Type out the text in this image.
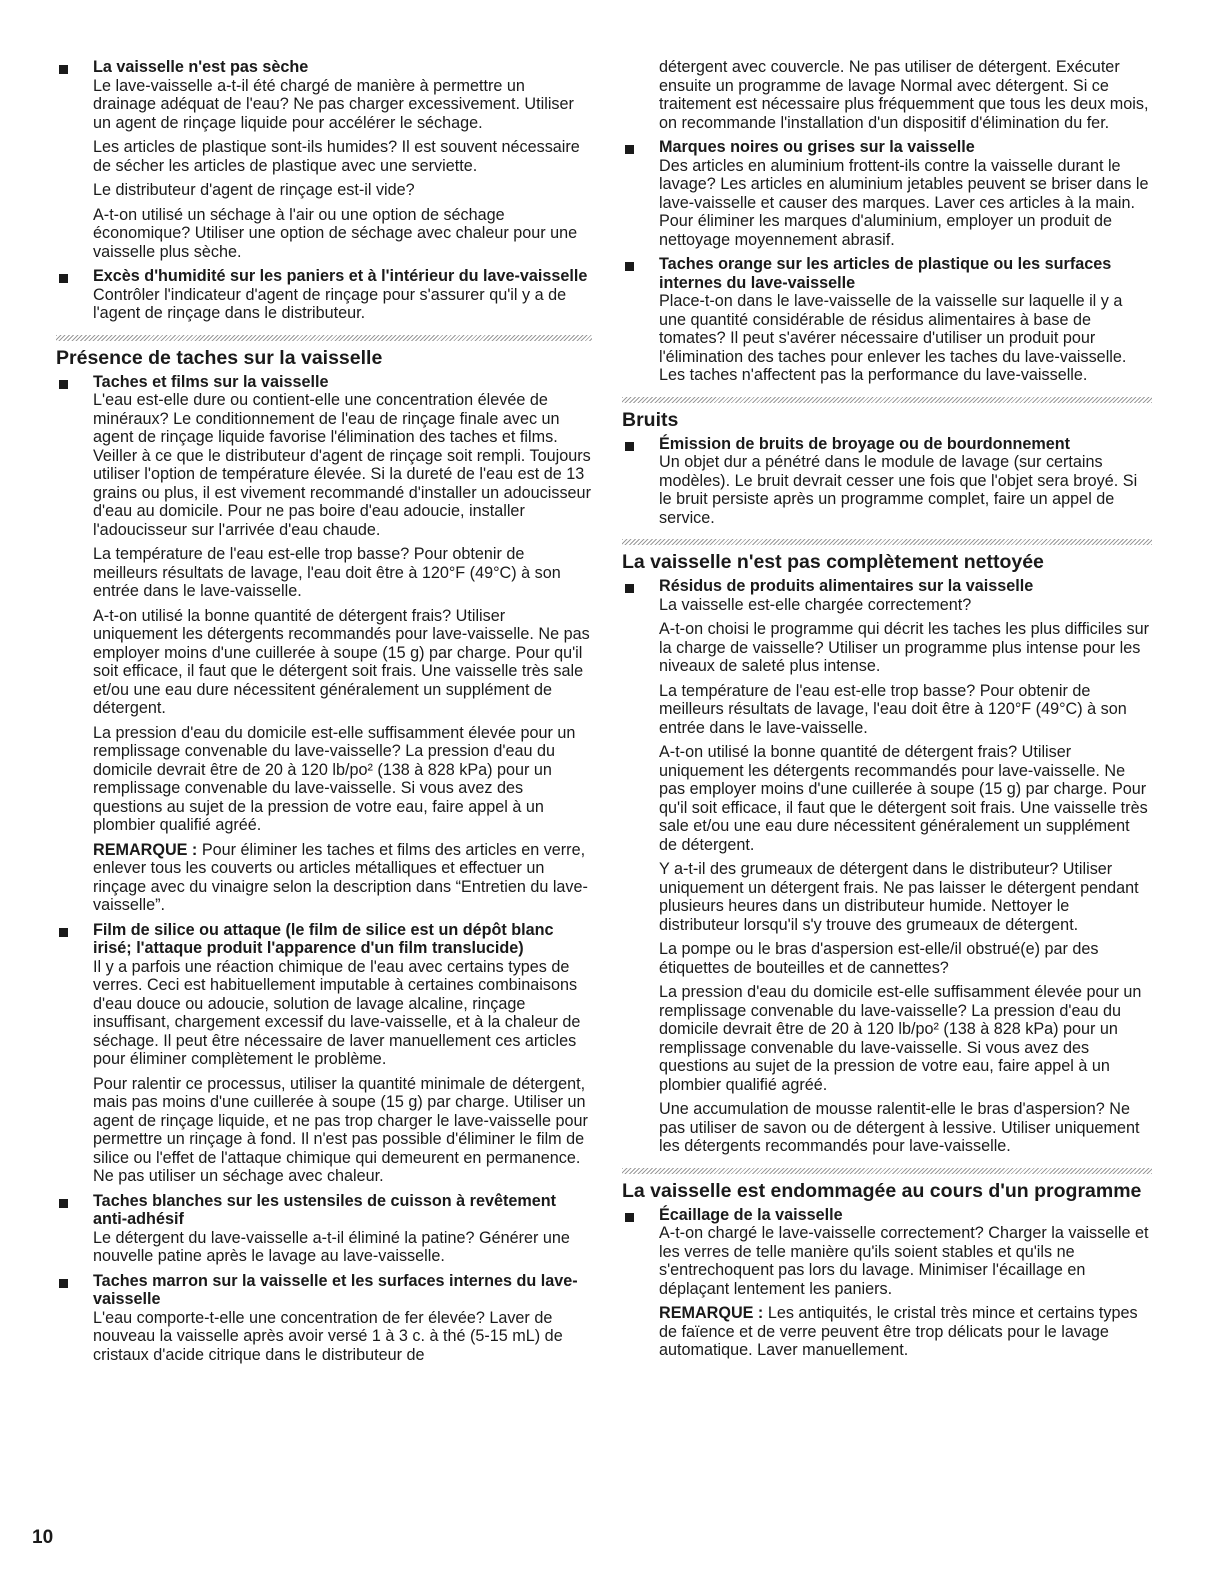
La vaisselle n'est pas sèche

Le lave-vaisselle a-t-il été chargé de manière à permettre un drainage adéquat de l'eau? Ne pas charger excessivement. Utiliser un agent de rinçage liquide pour accélérer le séchage.

Les articles de plastique sont-ils humides? Il est souvent nécessaire de sécher les articles de plastique avec une serviette.

Le distributeur d'agent de rinçage est-il vide?

A-t-on utilisé un séchage à l'air ou une option de séchage économique? Utiliser une option de séchage avec chaleur pour une vaisselle plus sèche.

Excès d'humidité sur les paniers et à l'intérieur du lave-vaisselle

Contrôler l'indicateur d'agent de rinçage pour s'assurer qu'il y a de l'agent de rinçage dans le distributeur.

Présence de taches sur la vaisselle

Taches et films sur la vaisselle

L'eau est-elle dure ou contient-elle une concentration élevée de minéraux? Le conditionnement de l'eau de rinçage finale avec un agent de rinçage liquide favorise l'élimination des taches et films. Veiller à ce que le distributeur d'agent de rinçage soit rempli. Toujours utiliser l'option de température élevée. Si la dureté de l'eau est de 13 grains ou plus, il est vivement recommandé d'installer un adoucisseur d'eau au domicile. Pour ne pas boire d'eau adoucie, installer l'adoucisseur sur l'arrivée d'eau chaude.

La température de l'eau est-elle trop basse? Pour obtenir de meilleurs résultats de lavage, l'eau doit être à 120°F (49°C) à son entrée dans le lave-vaisselle.

A-t-on utilisé la bonne quantité de détergent frais? Utiliser uniquement les détergents recommandés pour lave-vaisselle. Ne pas employer moins d'une cuillerée à soupe (15 g) par charge. Pour qu'il soit efficace, il faut que le détergent soit frais. Une vaisselle très sale et/ou une eau dure nécessitent généralement un supplément de détergent.

La pression d'eau du domicile est-elle suffisamment élevée pour un remplissage convenable du lave-vaisselle? La pression d'eau du domicile devrait être de 20 à 120 lb/po² (138 à 828 kPa) pour un remplissage convenable du lave-vaisselle. Si vous avez des questions au sujet de la pression de votre eau, faire appel à un plombier qualifié agréé.

REMARQUE : Pour éliminer les taches et films des articles en verre, enlever tous les couverts ou articles métalliques et effectuer un rinçage avec du vinaigre selon la description dans “Entretien du lave-vaisselle”.

Film de silice ou attaque (le film de silice est un dépôt blanc irisé; l'attaque produit l'apparence d'un film translucide)

Il y a parfois une réaction chimique de l'eau avec certains types de verres. Ceci est habituellement imputable à certaines combinaisons d'eau douce ou adoucie, solution de lavage alcaline, rinçage insuffisant, chargement excessif du lave-vaisselle, et à la chaleur de séchage. Il peut être nécessaire de laver manuellement ces articles pour éliminer complètement le problème.

Pour ralentir ce processus, utiliser la quantité minimale de détergent, mais pas moins d'une cuillerée à soupe (15 g) par charge. Utiliser un agent de rinçage liquide, et ne pas trop charger le lave-vaisselle pour permettre un rinçage à fond. Il n'est pas possible d'éliminer le film de silice ou l'effet de l'attaque chimique qui demeurent en permanence. Ne pas utiliser un séchage avec chaleur.

Taches blanches sur les ustensiles de cuisson à revêtement anti-adhésif

Le détergent du lave-vaisselle a-t-il éliminé la patine? Générer une nouvelle patine après le lavage au lave-vaisselle.

Taches marron sur la vaisselle et les surfaces internes du lave-vaisselle

L'eau comporte-t-elle une concentration de fer élevée? Laver de nouveau la vaisselle après avoir versé 1 à 3 c. à thé (5-15 mL) de cristaux d'acide citrique dans le distributeur de

détergent avec couvercle. Ne pas utiliser de détergent. Exécuter ensuite un programme de lavage Normal avec détergent. Si ce traitement est nécessaire plus fréquemment que tous les deux mois, on recommande l'installation d'un dispositif d'élimination du fer.

Marques noires ou grises sur la vaisselle

Des articles en aluminium frottent-ils contre la vaisselle durant le lavage? Les articles en aluminium jetables peuvent se briser dans le lave-vaisselle et causer des marques. Laver ces articles à la main. Pour éliminer les marques d'aluminium, employer un produit de nettoyage moyennement abrasif.

Taches orange sur les articles de plastique ou les surfaces internes du lave-vaisselle

Place-t-on dans le lave-vaisselle de la vaisselle sur laquelle il y a une quantité considérable de résidus alimentaires à base de tomates? Il peut s'avérer nécessaire d'utiliser un produit pour l'élimination des taches pour enlever les taches du lave-vaisselle. Les taches n'affectent pas la performance du lave-vaisselle.

Bruits

Émission de bruits de broyage ou de bourdonnement

Un objet dur a pénétré dans le module de lavage (sur certains modèles). Le bruit devrait cesser une fois que l'objet sera broyé. Si le bruit persiste après un programme complet, faire un appel de service.

La vaisselle n'est pas complètement nettoyée

Résidus de produits alimentaires sur la vaisselle

La vaisselle est-elle chargée correctement?

A-t-on choisi le programme qui décrit les taches les plus difficiles sur la charge de vaisselle? Utiliser un programme plus intense pour les niveaux de saleté plus intense.

La température de l'eau est-elle trop basse? Pour obtenir de meilleurs résultats de lavage, l'eau doit être à 120°F (49°C) à son entrée dans le lave-vaisselle.

A-t-on utilisé la bonne quantité de détergent frais? Utiliser uniquement les détergents recommandés pour lave-vaisselle. Ne pas employer moins d'une cuillerée à soupe (15 g) par charge. Pour qu'il soit efficace, il faut que le détergent soit frais. Une vaisselle très sale et/ou une eau dure nécessitent généralement un supplément de détergent.

Y a-t-il des grumeaux de détergent dans le distributeur? Utiliser uniquement un détergent frais. Ne pas laisser le détergent pendant plusieurs heures dans un distributeur humide. Nettoyer le distributeur lorsqu'il s'y trouve des grumeaux de détergent.

La pompe ou le bras d'aspersion est-elle/il obstrué(e) par des étiquettes de bouteilles et de cannettes?

La pression d'eau du domicile est-elle suffisamment élevée pour un remplissage convenable du lave-vaisselle? La pression d'eau du domicile devrait être de 20 à 120 lb/po² (138 à 828 kPa) pour un remplissage convenable du lave-vaisselle. Si vous avez des questions au sujet de la pression de votre eau, faire appel à un plombier qualifié agréé.

Une accumulation de mousse ralentit-elle le bras d'aspersion? Ne pas utiliser de savon ou de détergent à lessive. Utiliser uniquement les détergents recommandés pour lave-vaisselle.

La vaisselle est endommagée au cours d'un programme

Écaillage de la vaisselle

A-t-on chargé le lave-vaisselle correctement? Charger la vaisselle et les verres de telle manière qu'ils soient stables et qu'ils ne s'entrechoquent pas lors du lavage. Minimiser l'écaillage en déplaçant lentement les paniers.

REMARQUE : Les antiquités, le cristal très mince et certains types de faïence et de verre peuvent être trop délicats pour le lavage automatique. Laver manuellement.

10
